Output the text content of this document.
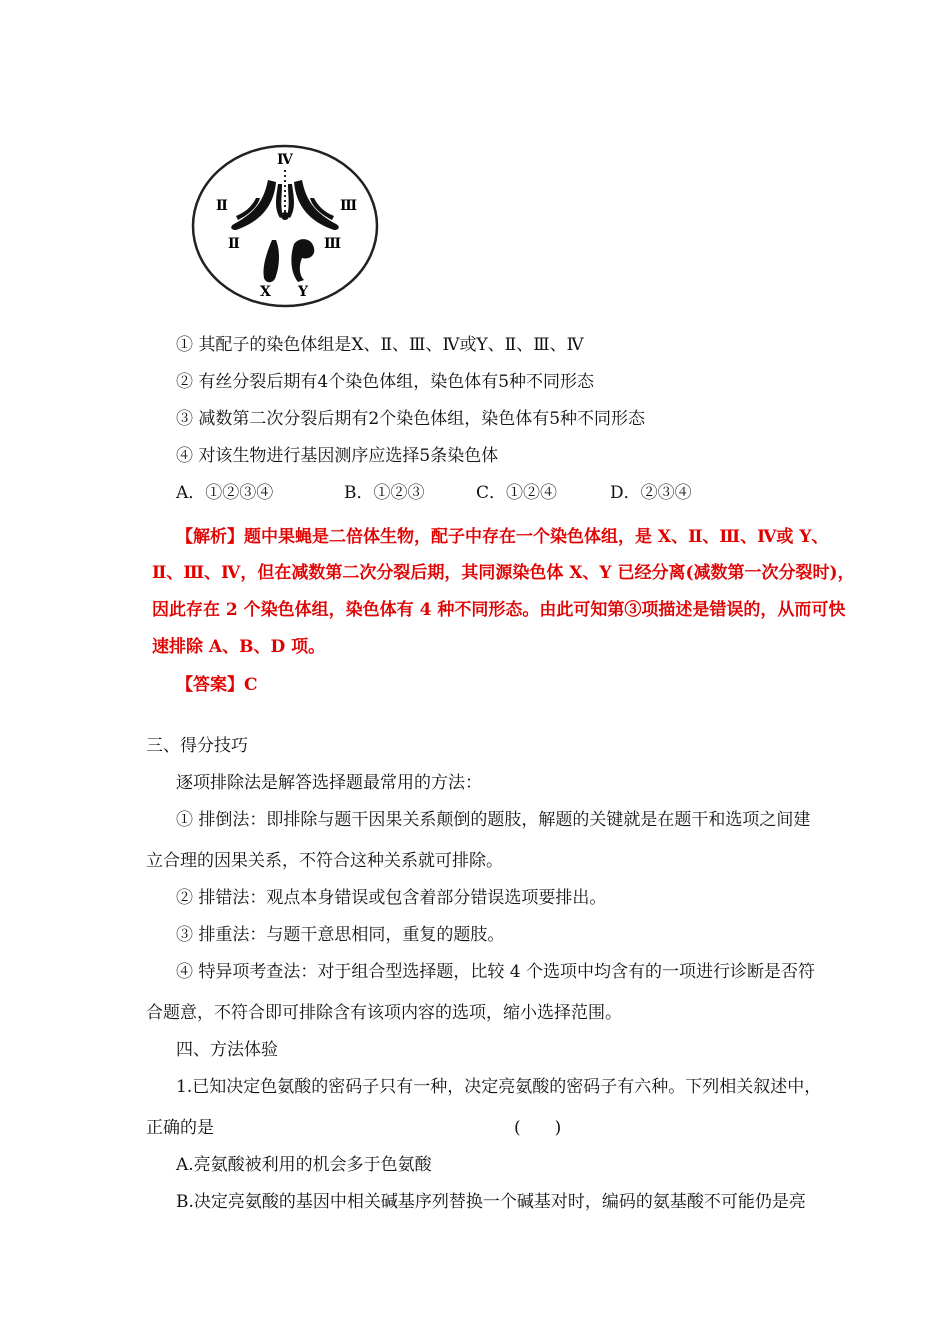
Ⅳ
Ⅱ	Ⅲ
Ⅱ	Ⅲ
X Y
① 其配子的染色体组是X、Ⅱ、Ⅲ、Ⅳ或Y、Ⅱ、Ⅲ、Ⅳ
② 有丝分裂后期有4个染色体组，染色体有5种不同形态
③ 减数第二次分裂后期有2个染色体组，染色体有5种不同形态
④ 对该生物进行基因测序应选择5条染色体
A．①②③④	B．①②③	C．①②④	D．②③④
【解析】题中果蝇是二倍体生物，配子中存在一个染色体组，是 X、Ⅱ、Ⅲ、Ⅳ或 Y、
Ⅱ、Ⅲ、Ⅳ，但在减数第二次分裂后期，其同源染色体 X、Y 已经分离(减数第一次分裂时)，
因此存在 2 个染色体组，染色体有 4 种不同形态。由此可知第③项描述是错误的，从而可快
速排除 A、B、D 项。
【答案】C
三、得分技巧
逐项排除法是解答选择题最常用的方法：
① 排倒法：即排除与题干因果关系颠倒的题肢，解题的关键就是在题干和选项之间建
立合理的因果关系，不符合这种关系就可排除。
② 排错法：观点本身错误或包含着部分错误选项要排出。
③ 排重法：与题干意思相同，重复的题肢。
④ 特异项考查法：对于组合型选择题，比较 4 个选项中均含有的一项进行诊断是否符
合题意，不符合即可排除含有该项内容的选项，缩小选择范围。
四、方法体验
1.已知决定色氨酸的密码子只有一种，决定亮氨酸的密码子有六种。下列相关叙述中，
正确的是	(　　)
A.亮氨酸被利用的机会多于色氨酸
B.决定亮氨酸的基因中相关碱基序列替换一个碱基对时，编码的氨基酸不可能仍是亮
